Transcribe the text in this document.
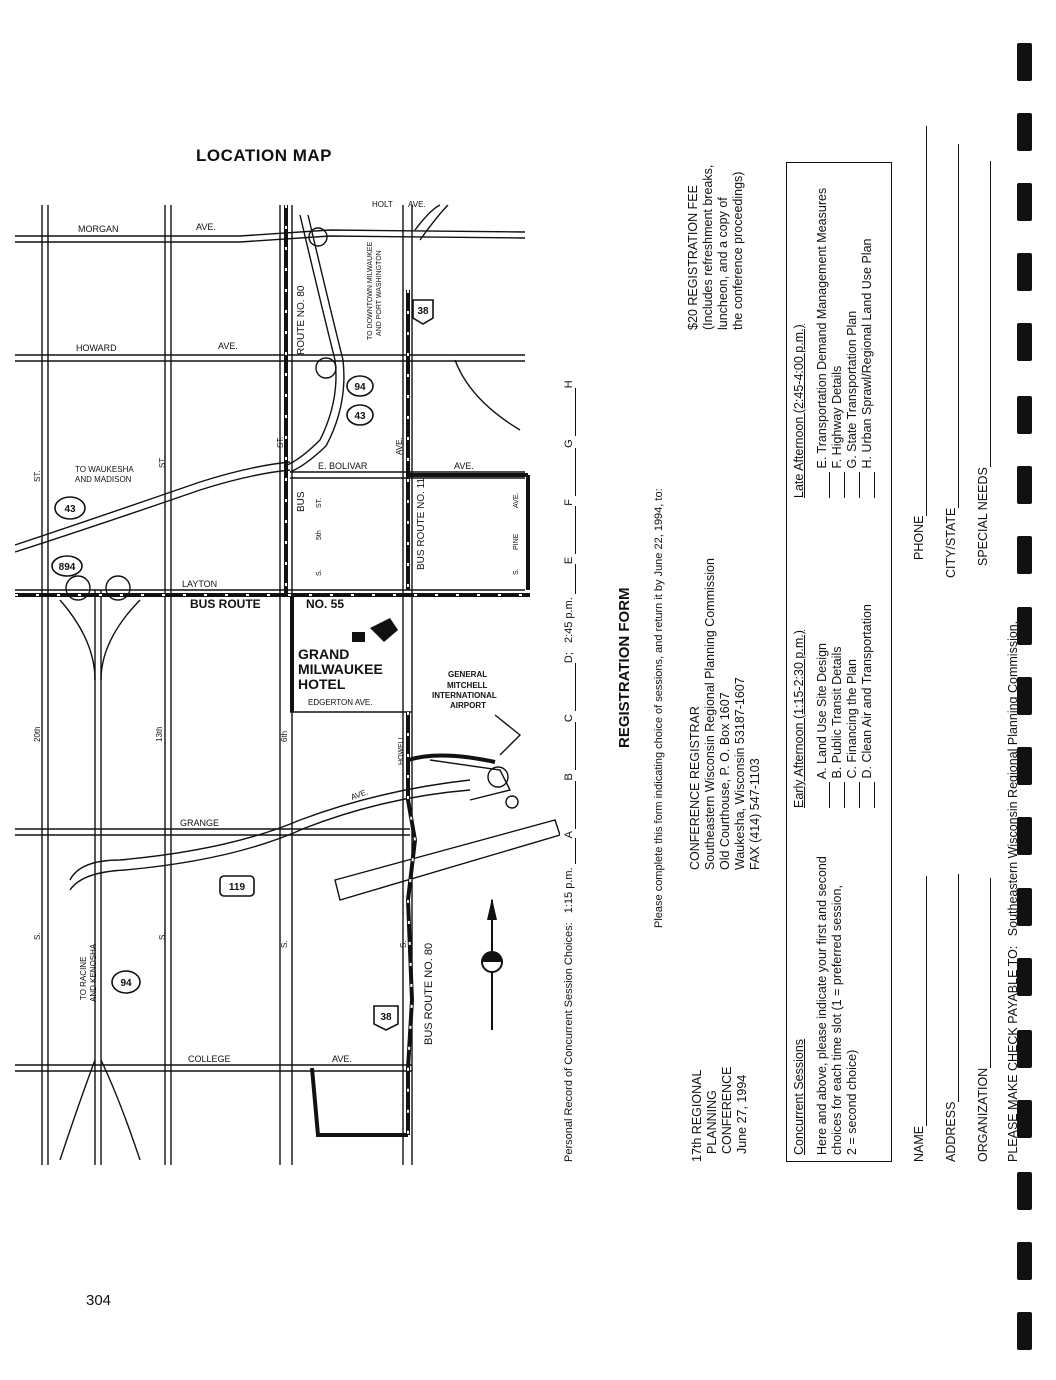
LOCATION MAP
43
894
94
43
94
119
38
38
MORGAN	AVE.
HOLT AVE.
HOWARD	AVE.
E. BOLIVAR	AVE.
LAYTON
GRANGE
COLLEGE	AVE.
EDGERTON AVE.
TO WAUKESHA
AND MADISON
GENERAL
MITCHELL
INTERNATIONAL
AIRPORT
BUS ROUTE	NO. 55
GRAND
MILWAUKEE
HOTEL
ROUTE NO. 80
BUS ROUTE NO. 11
BUS ROUTE NO. 80
BUS
TO DOWNTOWN MILWAUKEE AND PORT WASHINGTON
TO RACINE AND KENOSHA
20th	13th	6th
ST.
ST.
ST.
S.	S.
S.	S.
ST.
5th
S.
AVE.
PINE
S.
HOWELL
AVE.
AVE.
304
Personal Record of Concurrent Session Choices: 1:15 p.m. A B C D; 2:45 p.m. E F G H
REGISTRATION FORM Please complete this form indicating choice of sessions, and return it by June 22, 1994, to:
17th REGIONAL PLANNING CONFERENCE June 27, 1994
CONFERENCE REGISTRAR Southeastern Wisconsin Regional Planning Commission Old Courthouse, P. O. Box 1607 Waukesha, Wisconsin 53187-1607 FAX (414) 547-1103
$20 REGISTRATION FEE (Includes refreshment breaks, luncheon, and a copy of the conference proceedings)
Concurrent Sessions Here and above, please indicate your first and second choices for each time slot (1 = preferred session, 2 = second choice)
Early Afternoon (1:15-2:30 p.m.) A. Land Use Site Design B. Public Transit Details C. Financing the Plan D. Clean Air and Transportation
Late Afternoon (2:45-4:00 p.m.) E. Transportation Demand Management Measures F. Highway Details G. State Transportation Plan H. Urban Sprawl/Regional Land Use Plan
NAME
PHONE
ADDRESS
CITY/STATE
ORGANIZATION
SPECIAL NEEDS
PLEASE MAKE CHECK PAYABLE TO: Southeastern Wisconsin Regional Planning Commission.
